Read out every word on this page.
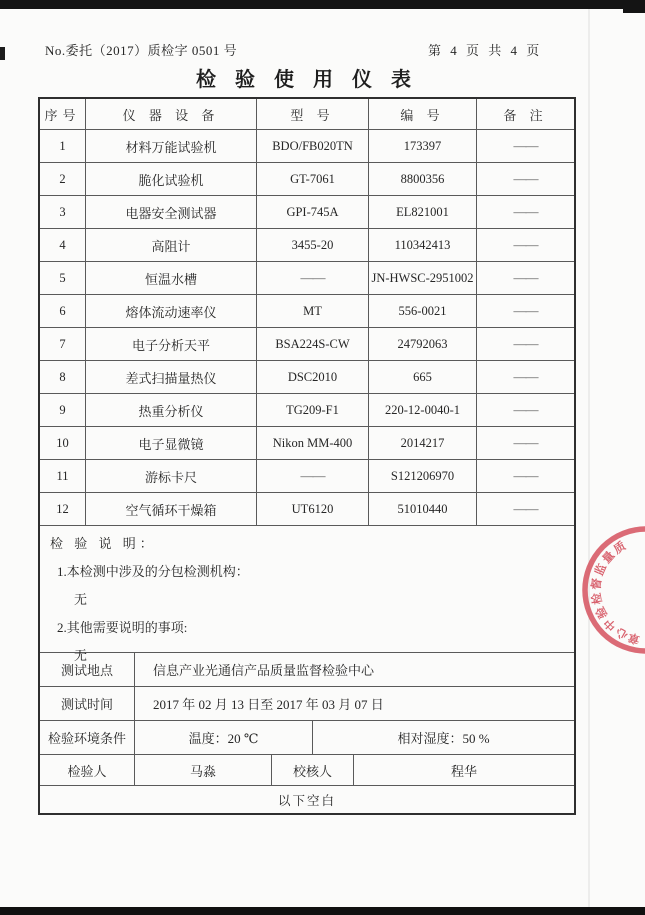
No.委托（2017）质检字 0501 号	第 4 页 共 4 页
检 验 使 用 仪 表
序号	仪 器 设 备	型 号	编 号	备 注
1	材料万能试验机	BDO/FB020TN	173397	——
2	脆化试验机	GT-7061	8800356	——
3	电器安全测试器	GPI-745A	EL821001	——
4	高阻计	3455-20	110342413	——
5	恒温水槽	——	JN-HWSC-2951002	——
6	熔体流动速率仪	MT	556-0021	——
7	电子分析天平	BSA224S-CW	24792063	——
8	差式扫描量热仪	DSC2010	665	——
9	热重分析仪	TG209-F1	220-12-0040-1	——
10	电子显微镜	Nikon MM-400	2014217	——
11	游标卡尺	——	S121206970	——
12	空气循环干燥箱	UT6120	51010440	——
检 验 说 明：
1.本检测中涉及的分包检测机构：
无
2.其他需要说明的事项:
无
测试地点	信息产业光通信产品质量监督检验中心
测试时间	2017 年 02 月 13 日至 2017 年 03 月 07 日
检验环境条件	温度：20 ℃	相对湿度：50 %
检验人	马淼	校核人	程华
以下空白
质
量
监
督
检
验
中
心
章
